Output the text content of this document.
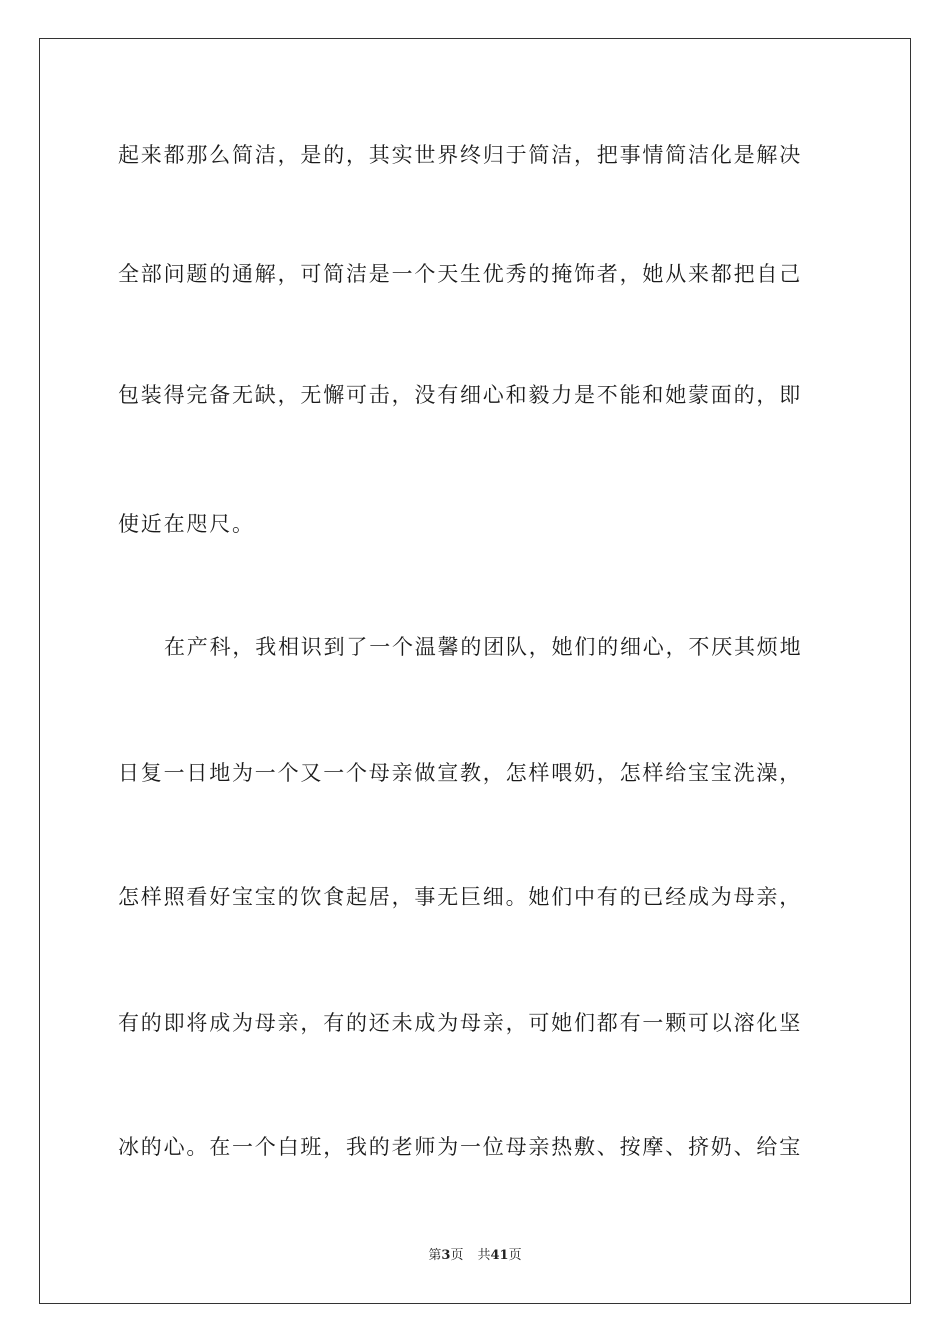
起来都那么简洁，是的，其实世界终归于简洁，把事情简洁化是解决
全部问题的通解，可简洁是一个天生优秀的掩饰者，她从来都把自己
包装得完备无缺，无懈可击，没有细心和毅力是不能和她蒙面的，即
使近在咫尺。
在产科，我相识到了一个温馨的团队，她们的细心，不厌其烦地
日复一日地为一个又一个母亲做宣教，怎样喂奶，怎样给宝宝洗澡，
怎样照看好宝宝的饮食起居，事无巨细。她们中有的已经成为母亲，
有的即将成为母亲，有的还未成为母亲，可她们都有一颗可以溶化坚
冰的心。在一个白班，我的老师为一位母亲热敷、按摩、挤奶、给宝
第3页 共41页
